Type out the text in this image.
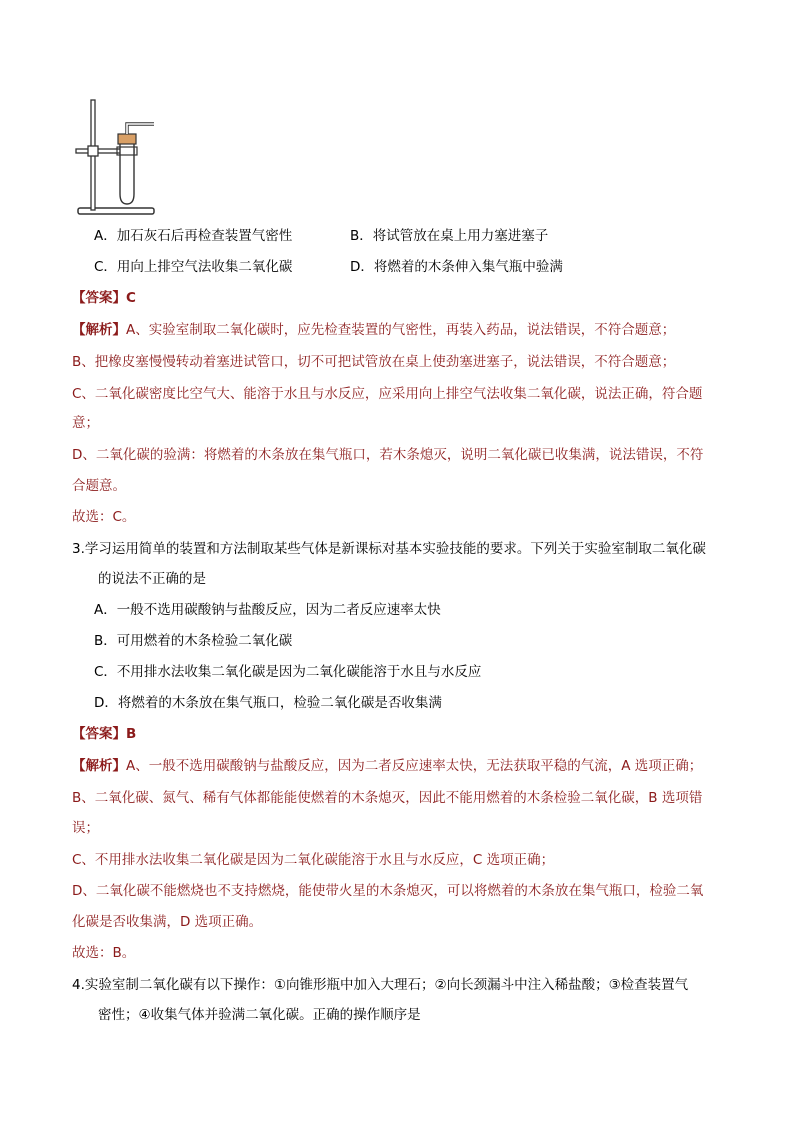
A．加石灰石后再检查装置气密性	B．将试管放在桌上用力塞进塞子
C．用向上排空气法收集二氧化碳	D．将燃着的木条伸入集气瓶中验满
【答案】C
【解析】A、实验室制取二氧化碳时，应先检查装置的气密性，再装入药品，说法错误，不符合题意；
B、把橡皮塞慢慢转动着塞进试管口，切不可把试管放在桌上使劲塞进塞子，说法错误，不符合题意；
C、二氧化碳密度比空气大、能溶于水且与水反应，应采用向上排空气法收集二氧化碳，说法正确，符合题
意；
D、二氧化碳的验满：将燃着的木条放在集气瓶口，若木条熄灭，说明二氧化碳已收集满，说法错误，不符
合题意。
故选：C。
3.学习运用简单的装置和方法制取某些气体是新课标对基本实验技能的要求。下列关于实验室制取二氧化碳
的说法不正确的是
A．一般不选用碳酸钠与盐酸反应，因为二者反应速率太快
B．可用燃着的木条检验二氧化碳
C．不用排水法收集二氧化碳是因为二氧化碳能溶于水且与水反应
D．将燃着的木条放在集气瓶口，检验二氧化碳是否收集满
【答案】B
【解析】A、一般不选用碳酸钠与盐酸反应，因为二者反应速率太快，无法获取平稳的气流，A 选项正确；
B、二氧化碳、氮气、稀有气体都能能使燃着的木条熄灭，因此不能用燃着的木条检验二氧化碳，B 选项错
误；
C、不用排水法收集二氧化碳是因为二氧化碳能溶于水且与水反应，C 选项正确；
D、二氧化碳不能燃烧也不支持燃烧，能使带火星的木条熄灭，可以将燃着的木条放在集气瓶口，检验二氧
化碳是否收集满，D 选项正确。
故选：B。
4.实验室制二氧化碳有以下操作：①向锥形瓶中加入大理石；②向长颈漏斗中注入稀盐酸；③检查装置气
密性；④收集气体并验满二氧化碳。正确的操作顺序是
